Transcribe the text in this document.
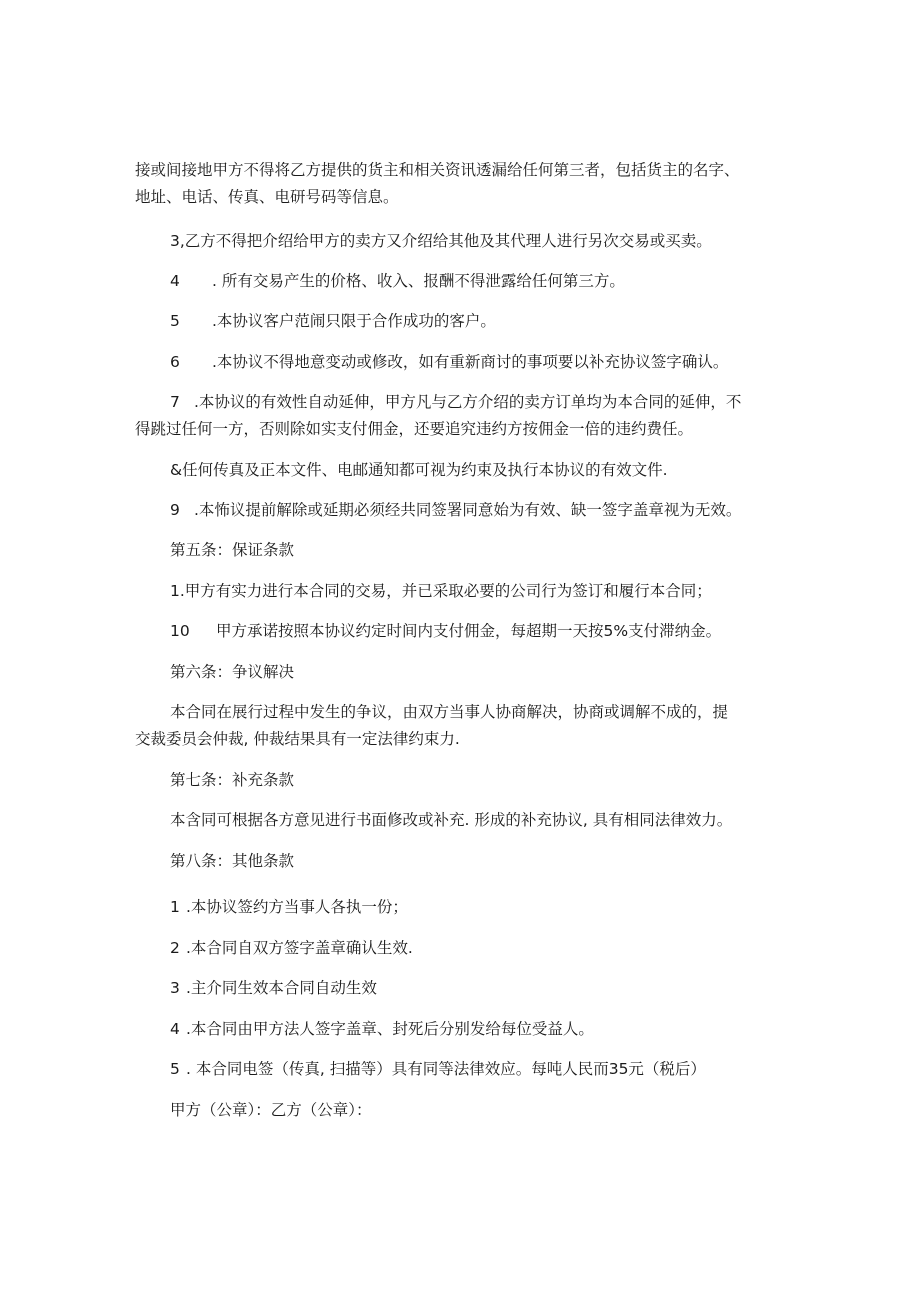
接或间接地甲方不得将乙方提供的货主和相关资讯透漏给任何第三者，包括货主的名字、

地址、电话、传真、电研号码等信息。

3,乙方不得把介绍给甲方的卖方又介绍给其他及其代理人进行另次交易或买卖。

4 . 所有交易产生的价格、收入、报酬不得泄露给任何第三方。

5 .本协议客户范闹只限于合作成功的客户。

6 .本协议不得地意变动或修改，如有重新商讨的事项要以补充协议签字确认。

7 .本协议的有效性自动延伸，甲方凡与乙方介绍的卖方订单均为本合同的延伸，不

得跳过任何一方，否则除如实支付佣金，还要追究违约方按佣金一倍的违约费任。

&任何传真及正本文件、电邮通知都可视为约束及执行本协议的有效文件.

9 .本怖议提前解除或延期必须经共同签署同意始为有效、缺一签字盖章视为无效。

第五条：保证条款

1.甲方有实力进行本合同的交易，并已采取必要的公司行为签订和履行本合同；

10 甲方承诺按照本协议约定时间内支付佣金，每超期一天按5%支付滞纳金。

第六条：争议解决

本合同在展行过程中发生的争议，由双方当事人协商解决，协商或调解不成的，提

交裁委员会仲裁, 仲裁结果具有一定法律约束力.

第七条：补充条款

本含同可根据各方意见进行书面修改或补充. 形成的补充协议, 具有相同法律效力。

第八条：其他条款

1 .本协议签约方当事人各执一份；

2 .本合同自双方签字盖章确认生效.

3 .主介同生效本合同自动生效

4 .本合同由甲方法人签字盖章、封死后分别发给每位受益人。

5 . 本合同电签（传真, 扫描等）具有同等法律效应。每吨人民而35元（税后）

甲方（公章）：乙方（公章）：
